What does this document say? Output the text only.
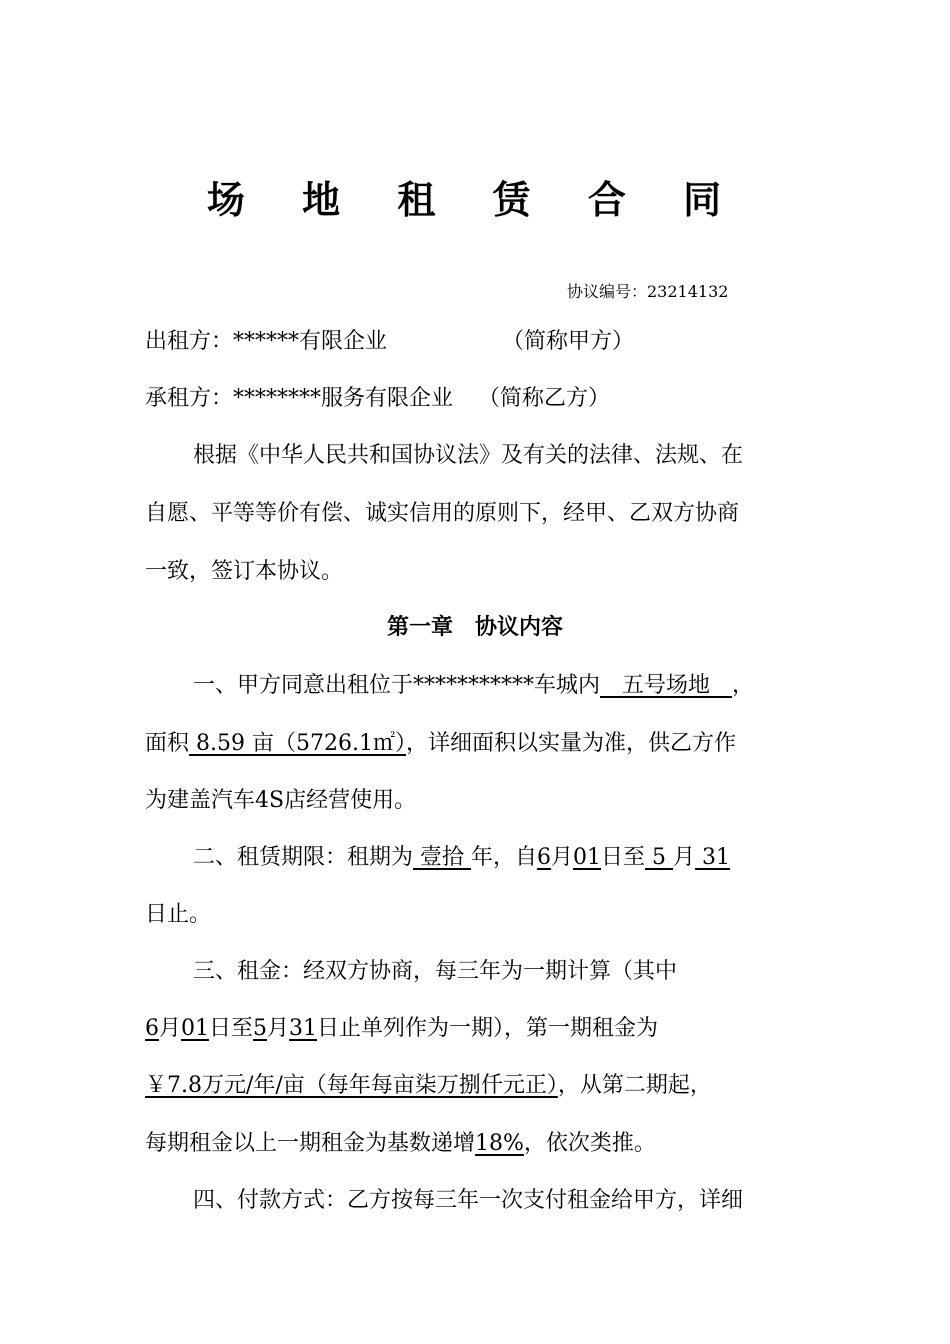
场 地 租 赁 合 同
协议编号：23214132
出租方：******有限企业	（简称甲方）
承租方：********服务有限企业 （简称乙方）
根据《中华人民共和国协议法》及有关的法律、法规、在
自愿、平等等价有偿、诚实信用的原则下，经甲、乙双方协商
一致，签订本协议。
第一章　协议内容
一、甲方同意出租位于***********车城内　五号场地　，
面积 8.59 亩（5726.1㎡），详细面积以实量为准，供乙方作
为建盖汽车4S店经营使用。
二、租赁期限：租期为 壹拾 年，自6月01日至 5 月 31
日止。
三、租金：经双方协商，每三年为一期计算（其中
6月01日至5月31日止单列作为一期），第一期租金为
￥7.8万元/年/亩（每年每亩柒万捌仟元正），从第二期起，
每期租金以上一期租金为基数递增18%，依次类推。
四、付款方式：乙方按每三年一次支付租金给甲方，详细
